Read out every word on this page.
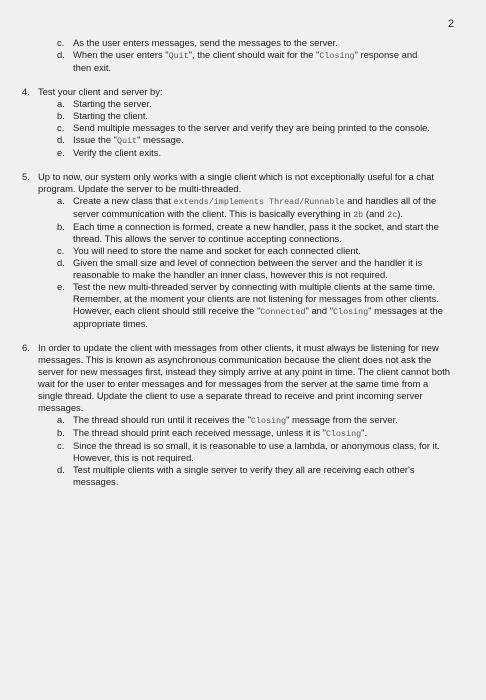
2
c. As the user enters messages, send the messages to the server.
d. When the user enters "Quit", the client should wait for the "Closing" response and then exit.
4. Test your client and server by:
a. Starting the server.
b. Starting the client.
c. Send multiple messages to the server and verify they are being printed to the console.
d. Issue the "Quit" message.
e. Verify the client exits.
5. Up to now, our system only works with a single client which is not exceptionally useful for a chat program. Update the server to be multi-threaded.
a. Create a new class that extends/implements Thread/Runnable and handles all of the server communication with the client. This is basically everything in 2b (and 2c).
b. Each time a connection is formed, create a new handler, pass it the socket, and start the thread. This allows the server to continue accepting connections.
c. You will need to store the name and socket for each connected client.
d. Given the small size and level of connection between the server and the handler it is reasonable to make the handler an inner class, however this is not required.
e. Test the new multi-threaded server by connecting with multiple clients at the same time. Remember, at the moment your clients are not listening for messages from other clients. However, each client should still receive the "Connected" and "Closing" messages at the appropriate times.
6. In order to update the client with messages from other clients, it must always be listening for new messages. This is known as asynchronous communication because the client does not ask the server for new messages first, instead they simply arrive at any point in time. The client cannot both wait for the user to enter messages and for messages from the server at the same time from a single thread. Update the client to use a separate thread to receive and print incoming server messages.
a. The thread should run until it receives the "Closing" message from the server.
b. The thread should print each received message, unless it is "Closing".
c. Since the thread is so small, it is reasonable to use a lambda, or anonymous class, for it. However, this is not required.
d. Test multiple clients with a single server to verify they all are receiving each other's messages.
